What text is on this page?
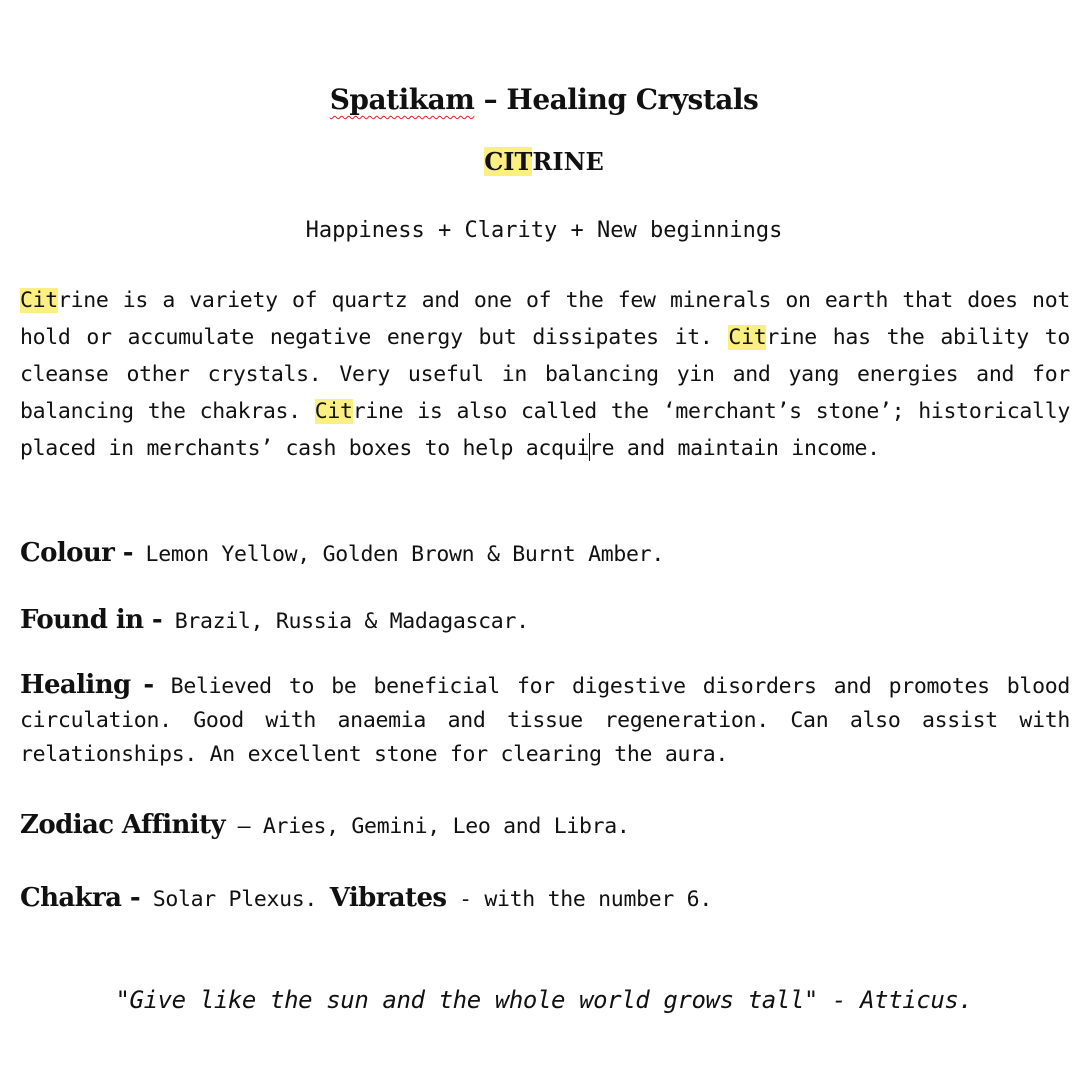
Spatikam – Healing Crystals
CITRINE
Happiness + Clarity + New beginnings
Citrine is a variety of quartz and one of the few minerals on earth that does not hold or accumulate negative energy but dissipates it. Citrine has the ability to cleanse other crystals. Very useful in balancing yin and yang energies and for balancing the chakras. Citrine is also called the ‘merchant’s stone’; historically placed in merchants’ cash boxes to help acquire and maintain income.
Colour - Lemon Yellow, Golden Brown & Burnt Amber.
Found in - Brazil, Russia & Madagascar.
Healing - Believed to be beneficial for digestive disorders and promotes blood circulation. Good with anaemia and tissue regeneration. Can also assist with relationships. An excellent stone for clearing the aura.
Zodiac Affinity – Aries, Gemini, Leo and Libra.
Chakra - Solar Plexus. Vibrates - with the number 6.
"Give like the sun and the whole world grows tall" - Atticus.
